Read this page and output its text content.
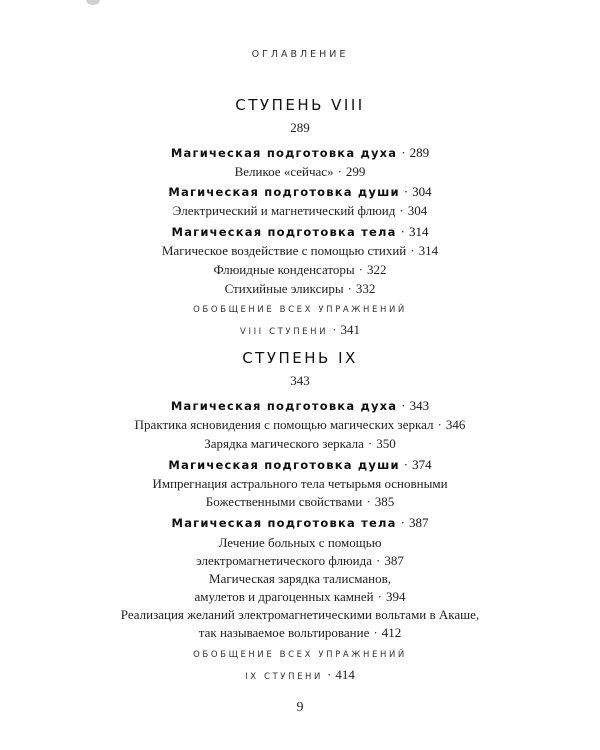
ОГЛАВЛЕНИЕ
СТУПЕНЬ VIII
289
Магическая подготовка духа · 289
Великое «сейчас» · 299
Магическая подготовка души · 304
Электрический и магнетический флюид · 304
Магическая подготовка тела · 314
Магическое воздействие с помощью стихий · 314
Флюидные конденсаторы · 322
Стихийные эликсиры · 332
ОБОБЩЕНИЕ ВСЕХ УПРАЖНЕНИЙ
VIII СТУПЕНИ · 341
СТУПЕНЬ IX
343
Магическая подготовка духа · 343
Практика ясновидения с помощью магических зеркал · 346
Зарядка магического зеркала · 350
Магическая подготовка души · 374
Импрегнация астрального тела четырьмя основными
Божественными свойствами · 385
Магическая подготовка тела · 387
Лечение больных с помощью
электромагнетического флюида · 387
Магическая зарядка талисманов,
амулетов и драгоценных камней · 394
Реализация желаний электромагнетическими вольтами в Акаше,
так называемое вольтирование · 412
ОБОБЩЕНИЕ ВСЕХ УПРАЖНЕНИЙ
IX СТУПЕНИ · 414
9
